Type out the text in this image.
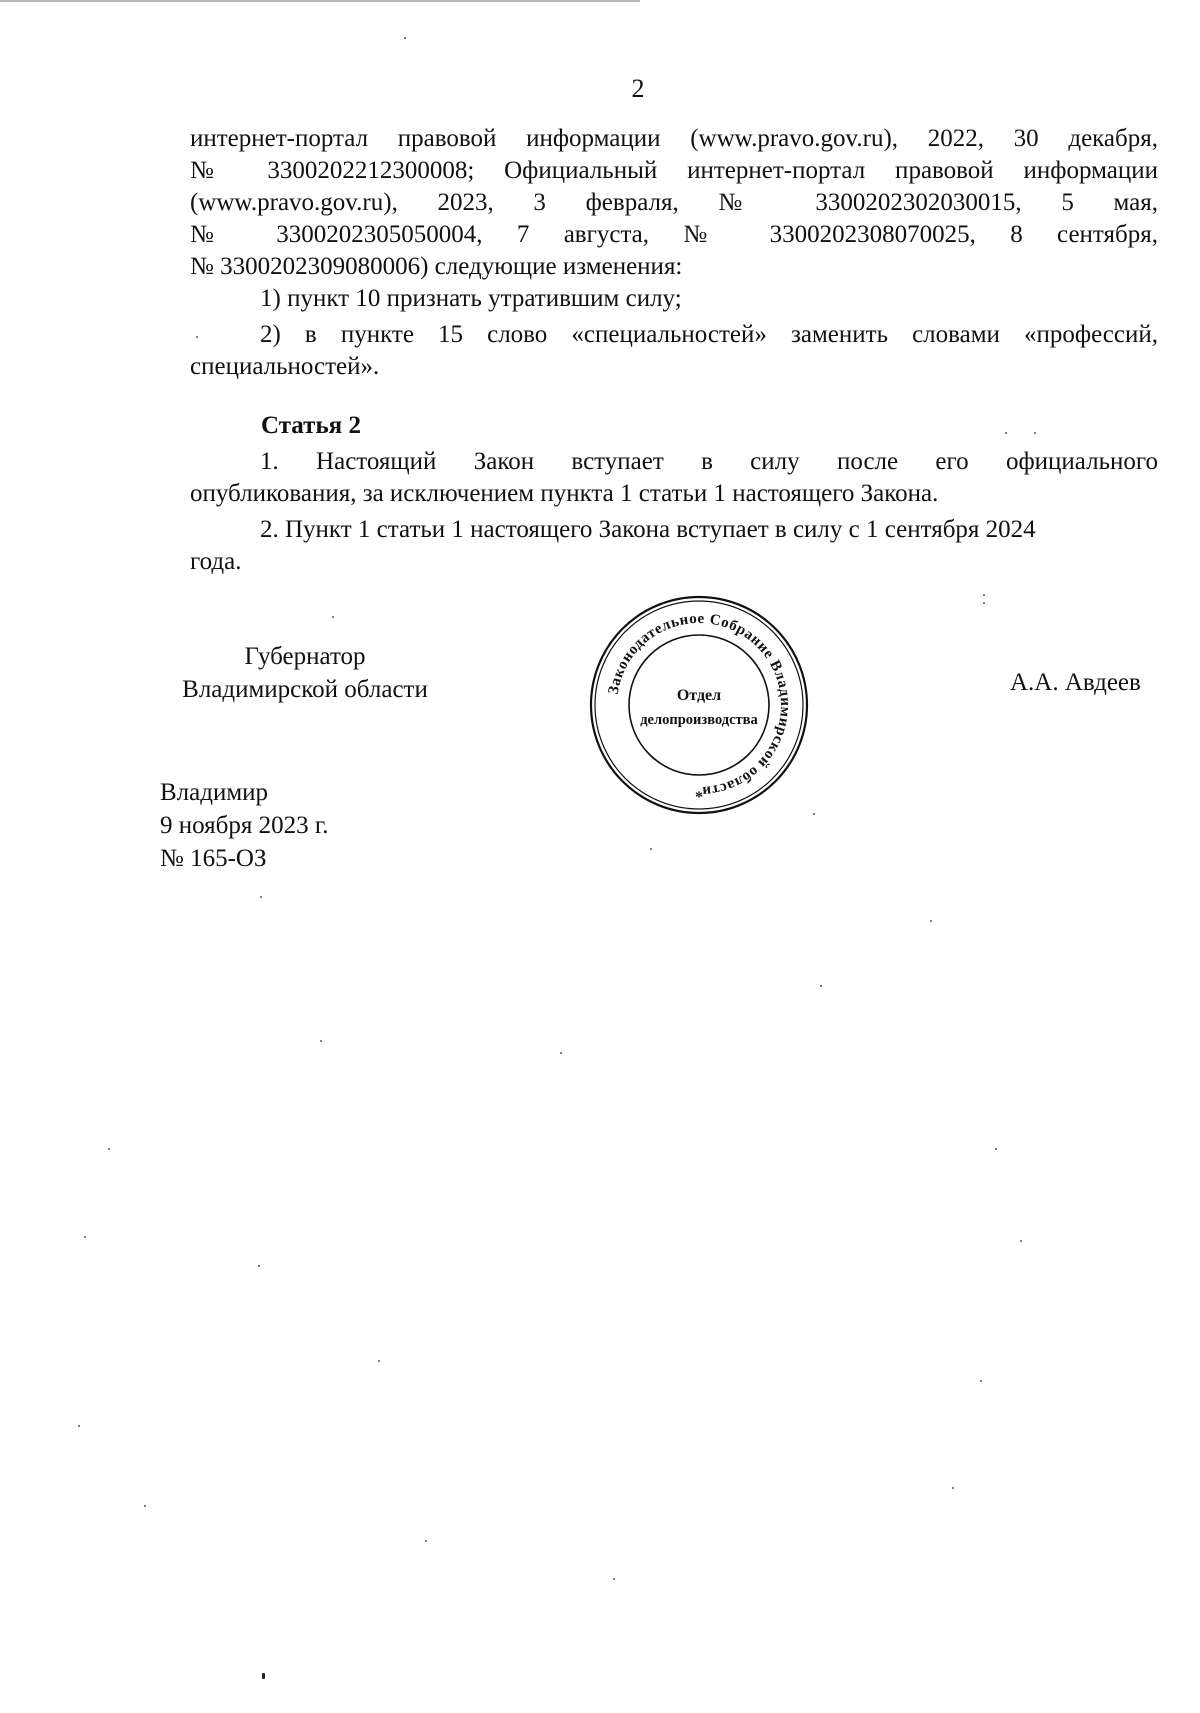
2
интернет-портал правовой информации (www.pravo.gov.ru), 2022, 30 декабря,
№ 3300202212300008; Официальный интернет-портал правовой информации
(www.pravo.gov.ru), 2023, 3 февраля, № 3300202302030015, 5 мая,
№ 3300202305050004, 7 августа, № 3300202308070025, 8 сентября,
№ 3300202309080006) следующие изменения:
1) пункт 10 признать утратившим силу;
2) в пункте 15 слово «специальностей» заменить словами «профессий,
специальностей».
Статья 2
1. Настоящий Закон вступает в силу после его официального
опубликования, за исключением пункта 1 статьи 1 настоящего Закона.
2. Пункт 1 статьи 1 настоящего Закона вступает в силу с 1 сентября 2024
года.
Губернатор
Владимирской области	Законодательное Собрание Владимирской области
*
Отдел
делопроизводства
А.А. Авдеев
Владимир
9 ноября 2023 г.
№ 165-ОЗ
